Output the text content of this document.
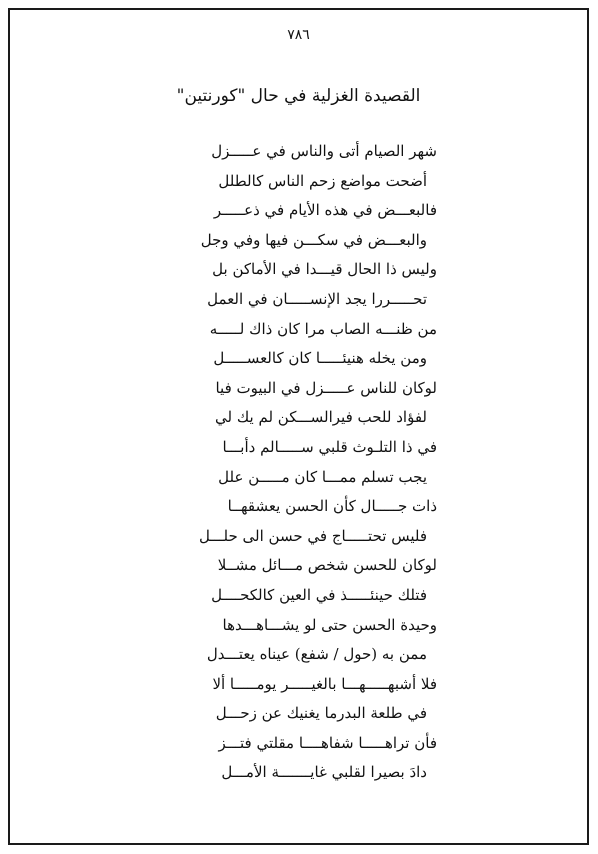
٧٨٦
القصيدة الغزلية في حال "كورنتين"
شهر الصيام أتى والناس في عـــــزل
أضحت مواضع زحم الناس كالطلل
فالبعـــض في هذه الأيام في ذعـــــر
والبعـــض في سكـــن فيها وفي وجل
وليس ذا الحال قيـــدا في الأماكن بل
تحـــــررا يجد الإنســـــان في العمل
من ظنـــه الصاب مرا كان ذاك لـــــه
ومن يخله هنيئـــــا كان كالعســـــل
لوكان للناس عـــــزل في البيوت فيا
لفؤاد للحب فيرالســـكن لم يك لي
في ذا التلـوث قلبي ســـــالم دأبـــا
يجب تسلم ممـــا كان مـــــن علل
ذات جـــــال كأن الحسن يعشقهــا
فليس تحتـــــاج في حسن الى حلـــل
لوكان للحسن شخص مـــائل مشــلا
فتلك حينئـــــذ في العين كالكحــــل
وحيدة الحسن حتى لو يشـــاهـــدها
ممن به (حول / شفع) عيناه يعتـــدل
فلا أشبهـــــهـــا بالغيـــــر يومـــــا ألا
في طلعة البدرما يغنيك عن زحـــل
فأن تراهـــــا شفاهــــا مقلتي فتـــز
دادَ بصيرا لقلبي غايـــــــة الأمـــل
